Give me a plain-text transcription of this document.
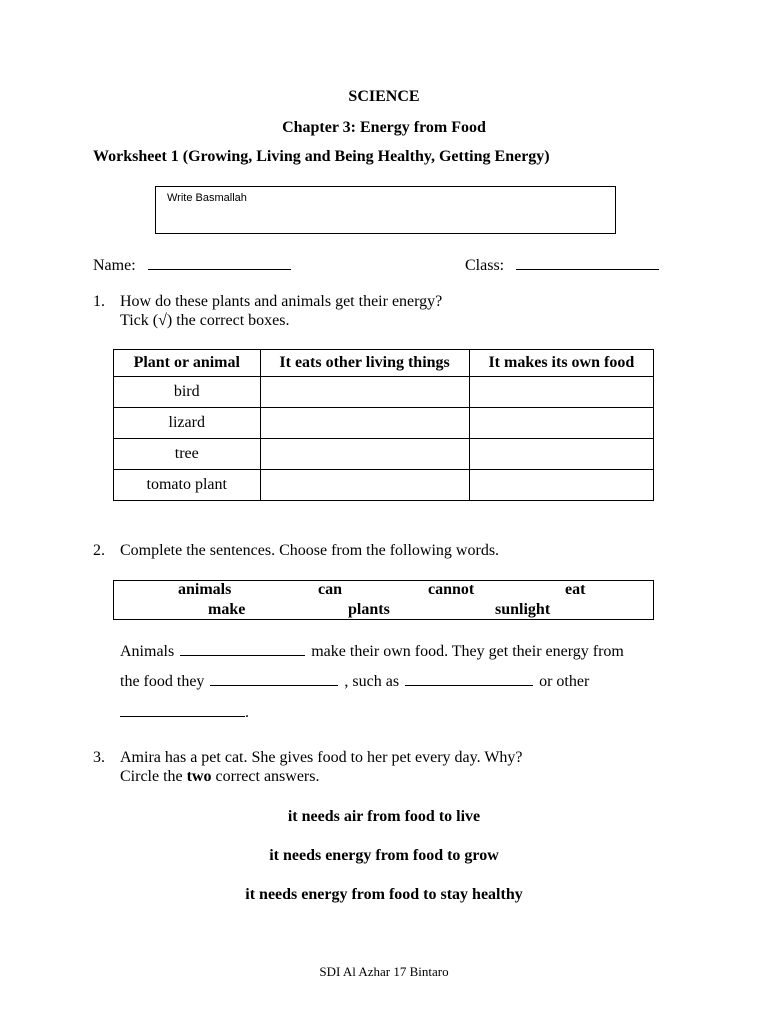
SCIENCE
Chapter 3: Energy from Food
Worksheet 1 (Growing, Living and Being Healthy, Getting Energy)
Write Basmallah
Name:	Class:
1. How do these plants and animals get their energy?
Tick (√) the correct boxes.
Plant or animal	It eats other living things	It makes its own food
bird		
lizard		
tree		
tomato plant		
2. Complete the sentences. Choose from the following words.
animals	can	cannot	eat
make	plants	sunlight
Animals	make their own food. They get their energy from
the food they	, such as	or other
.
3. Amira has a pet cat. She gives food to her pet every day. Why?
Circle the two correct answers.
it needs air from food to live
it needs energy from food to grow
it needs energy from food to stay healthy
SDI Al Azhar 17 Bintaro
